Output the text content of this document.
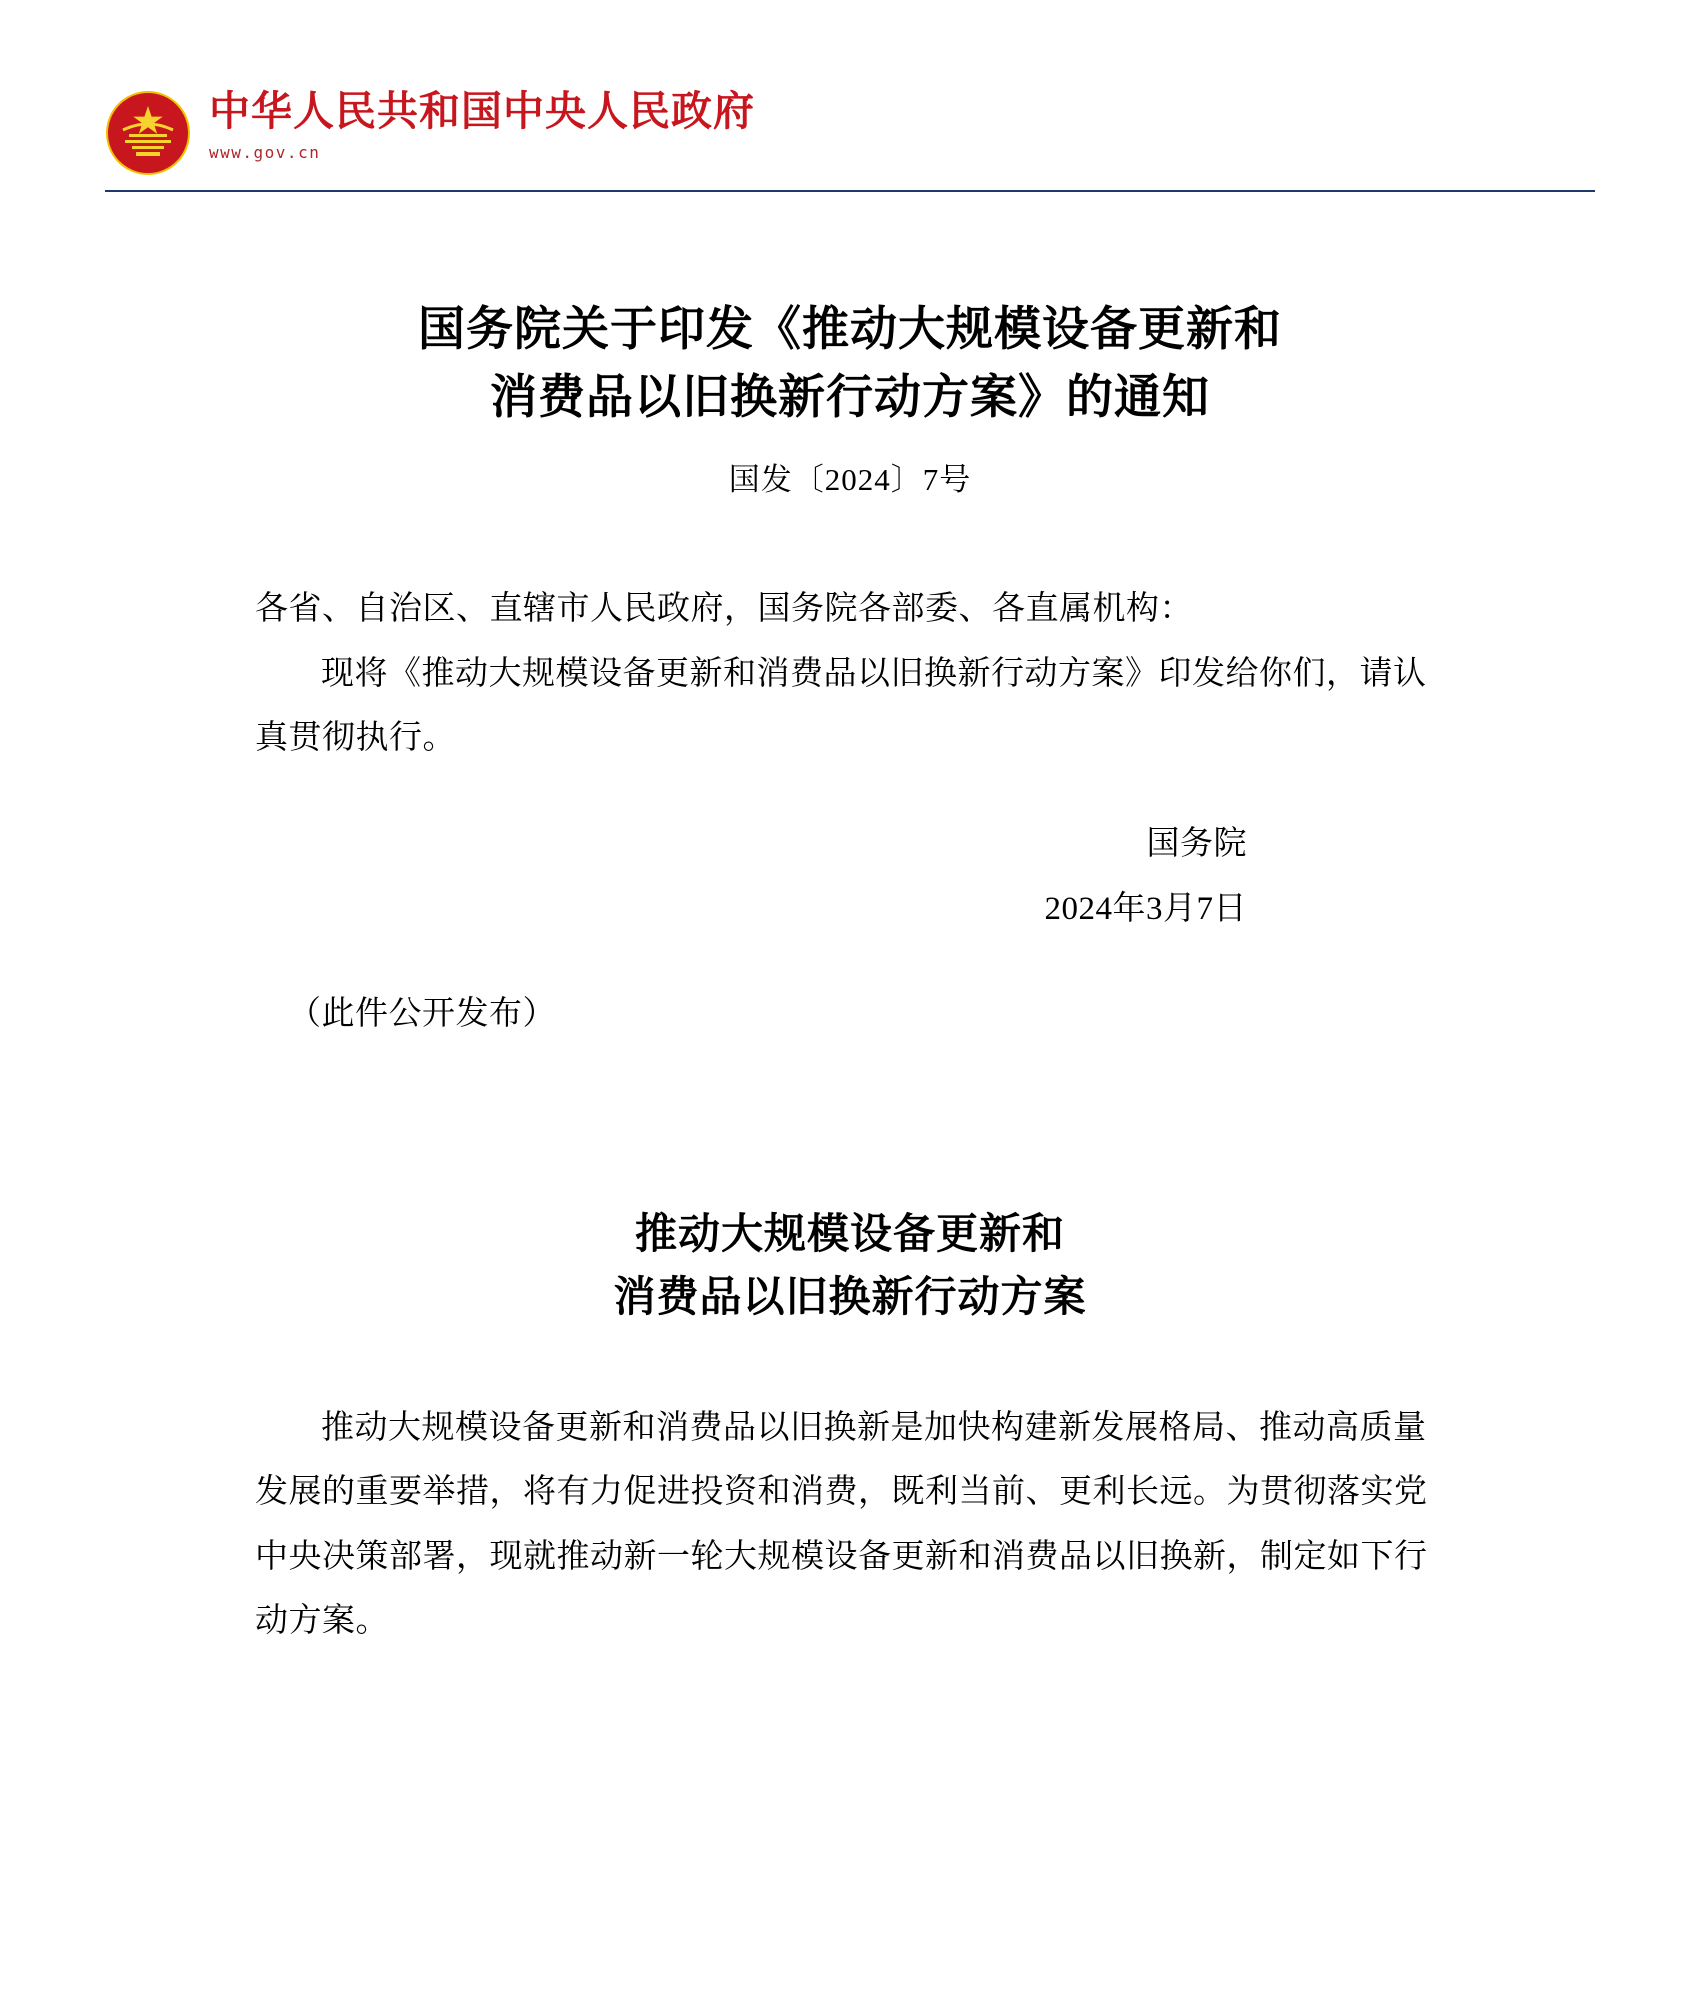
中华人民共和国中央人民政府
www.gov.cn
国务院关于印发《推动大规模设备更新和
消费品以旧换新行动方案》的通知
国发〔2024〕7号
各省、自治区、直辖市人民政府，国务院各部委、各直属机构：

现将《推动大规模设备更新和消费品以旧换新行动方案》印发给你们，请认真贯彻执行。

国务院
2024年3月7日
（此件公开发布）
推动大规模设备更新和
消费品以旧换新行动方案

推动大规模设备更新和消费品以旧换新是加快构建新发展格局、推动高质量发展的重要举措，将有力促进投资和消费，既利当前、更利长远。为贯彻落实党中央决策部署，现就推动新一轮大规模设备更新和消费品以旧换新，制定如下行动方案。
